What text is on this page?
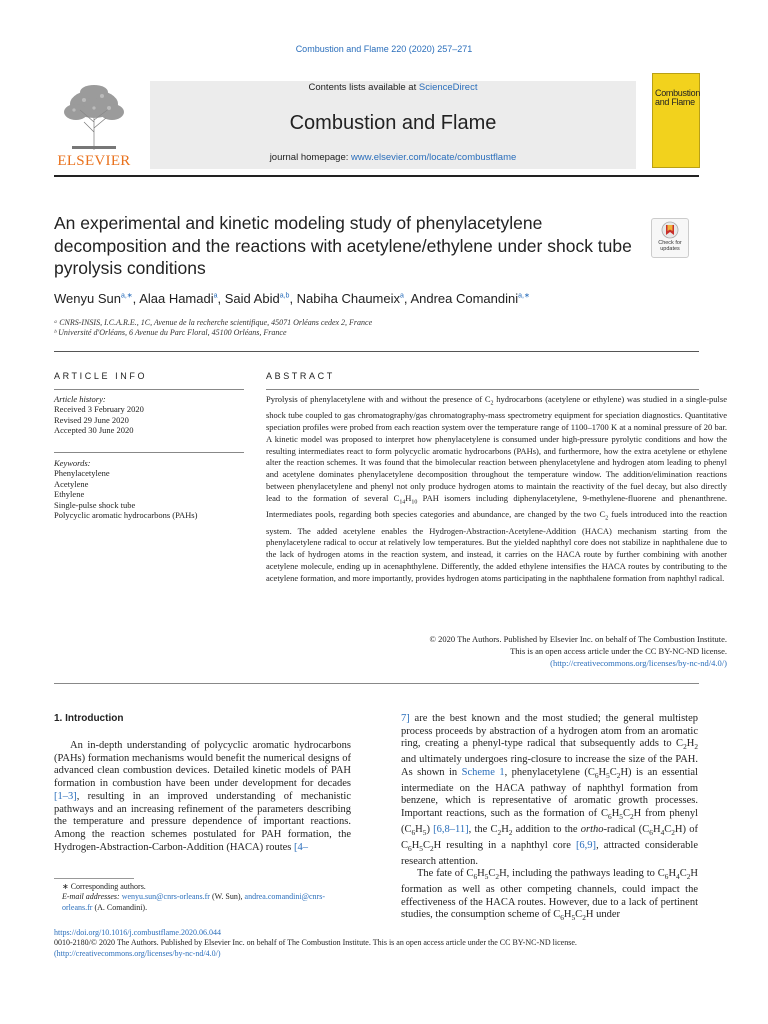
Combustion and Flame 220 (2020) 257–271
ELSEVIER
Contents lists available at ScienceDirect
Combustion and Flame
journal homepage: www.elsevier.com/locate/combustflame
Combustion and Flame
An experimental and kinetic modeling study of phenylacetylene decomposition and the reactions with acetylene/ethylene under shock tube pyrolysis conditions
Check for updates
Wenyu Sun$^{a,∗}$, Alaa Hamadi$^a$, Said Abid$^{a,b}$, Nabiha Chaumeix$^a$, Andrea Comandini$^{a,∗}$
ᵃ CNRS-INSIS, I.C.A.R.E., 1C, Avenue de la recherche scientifique, 45071 Orléans cedex 2, France
ᵇ Université d'Orléans, 6 Avenue du Parc Floral, 45100 Orléans, France
ARTICLE INFO	ABSTRACT
Article history:
Received 3 February 2020
Revised 29 June 2020
Accepted 30 June 2020
Keywords:
Phenylacetylene
Acetylene
Ethylene
Single-pulse shock tube
Polycyclic aromatic hydrocarbons (PAHs)
Pyrolysis of phenylacetylene with and without the presence of $C_2$ hydrocarbons (acetylene or ethylene) was studied in a single-pulse shock tube coupled to gas chromatography/gas chromatography-mass spectrometry equipment for speciation diagnostics. Quantitative speciation profiles were probed from each reaction system over the temperature range of 1100–1700 K at a nominal pressure of 20 bar. A kinetic model was proposed to interpret how phenylacetylene is consumed under high-pressure pyrolytic conditions and how the resulting intermediates react to form polycyclic aromatic hydrocarbons (PAHs), and furthermore, how the extra acetylene or ethylene alter the reaction schemes. It was found that the bimolecular reaction between phenylacetylene and hydrogen atom leading to phenyl and acetylene dominates phenylacetylene decomposition throughout the temperature window. The addition/elimination reactions between phenylacetylene and phenyl not only produce hydrogen atoms to maintain the reactivity of the fuel decay, but also directly lead to the formation of several $C_{14}H_{10}$ PAH isomers including diphenylacetylene, 9-methylene-fluorene and phenanthrene. Intermediates pools, regarding both species categories and abundance, are changed by the two $C_2$ fuels introduced into the reaction system. The added acetylene enables the Hydrogen-Abstraction-Acetylene-Addition (HACA) mechanism starting from the phenylacetylene radical to occur at relatively low temperatures. But the yielded naphthyl core does not stabilize in naphthalene due to the lack of hydrogen atoms in the reaction system, and instead, it carries on the HACA route by further combining with another acetylene molecule, ending up in acenaphthylene. Differently, the added ethylene intensifies the HACA routes by contributing to the acetylene formation, and more importantly, provides hydrogen atoms participating in the naphthalene formation from naphthyl radical.
© 2020 The Authors. Published by Elsevier Inc. on behalf of The Combustion Institute.
This is an open access article under the CC BY-NC-ND license.
(http://creativecommons.org/licenses/by-nc-nd/4.0/)
1. Introduction

An in-depth understanding of polycyclic aromatic hydrocarbons (PAHs) formation mechanisms would benefit the numerical designs of advanced clean combustion devices. Detailed kinetic models of PAH formation in combustion have been under development for decades [1–3], resulting in an improved understanding of mechanistic pathways and an increasing refinement of the parameters describing the temperature and pressure dependence of important reactions. Among the reaction schemes postulated for PAH formation, the Hydrogen-Abstraction-Carbon-Addition (HACA) routes [4–

7] are the best known and the most studied; the general multistep process proceeds by abstraction of a hydrogen atom from an aromatic ring, creating a phenyl-type radical that subsequently adds to $C_2H_2$ and ultimately undergoes ring-closure to increase the size of the PAH. As shown in Scheme 1, phenylacetylene $(C_6H_5C_2H)$ is an essential intermediate on the HACA pathway of naphthyl formation from benzene, which is representative of aromatic growth processes. Important reactions, such as the formation of $C_6H_5C_2H$ from phenyl $(C_6H_5)$ [6,8–11], the $C_2H_2$ addition to the ortho-radical $(C_6H_4C_2H)$ of $C_6H_5C_2H$ resulting in a naphthyl core [6,9], attracted considerable research attention.

The fate of $C_6H_5C_2H$, including the pathways leading to $C_6H_4C_2H$ formation as well as other competing channels, could impact the effectiveness of the HACA routes. However, due to a lack of pertinent studies, the consumption scheme of $C_6H_5C_2H$ under

∗ Corresponding authors.

E-mail addresses: wenyu.sun@cnrs-orleans.fr (W. Sun), andrea.comandini@cnrs-orleans.fr (A. Comandini).

https://doi.org/10.1016/j.combustflame.2020.06.044

0010-2180/© 2020 The Authors. Published by Elsevier Inc. on behalf of The Combustion Institute. This is an open access article under the CC BY-NC-ND license.

(http://creativecommons.org/licenses/by-nc-nd/4.0/)
